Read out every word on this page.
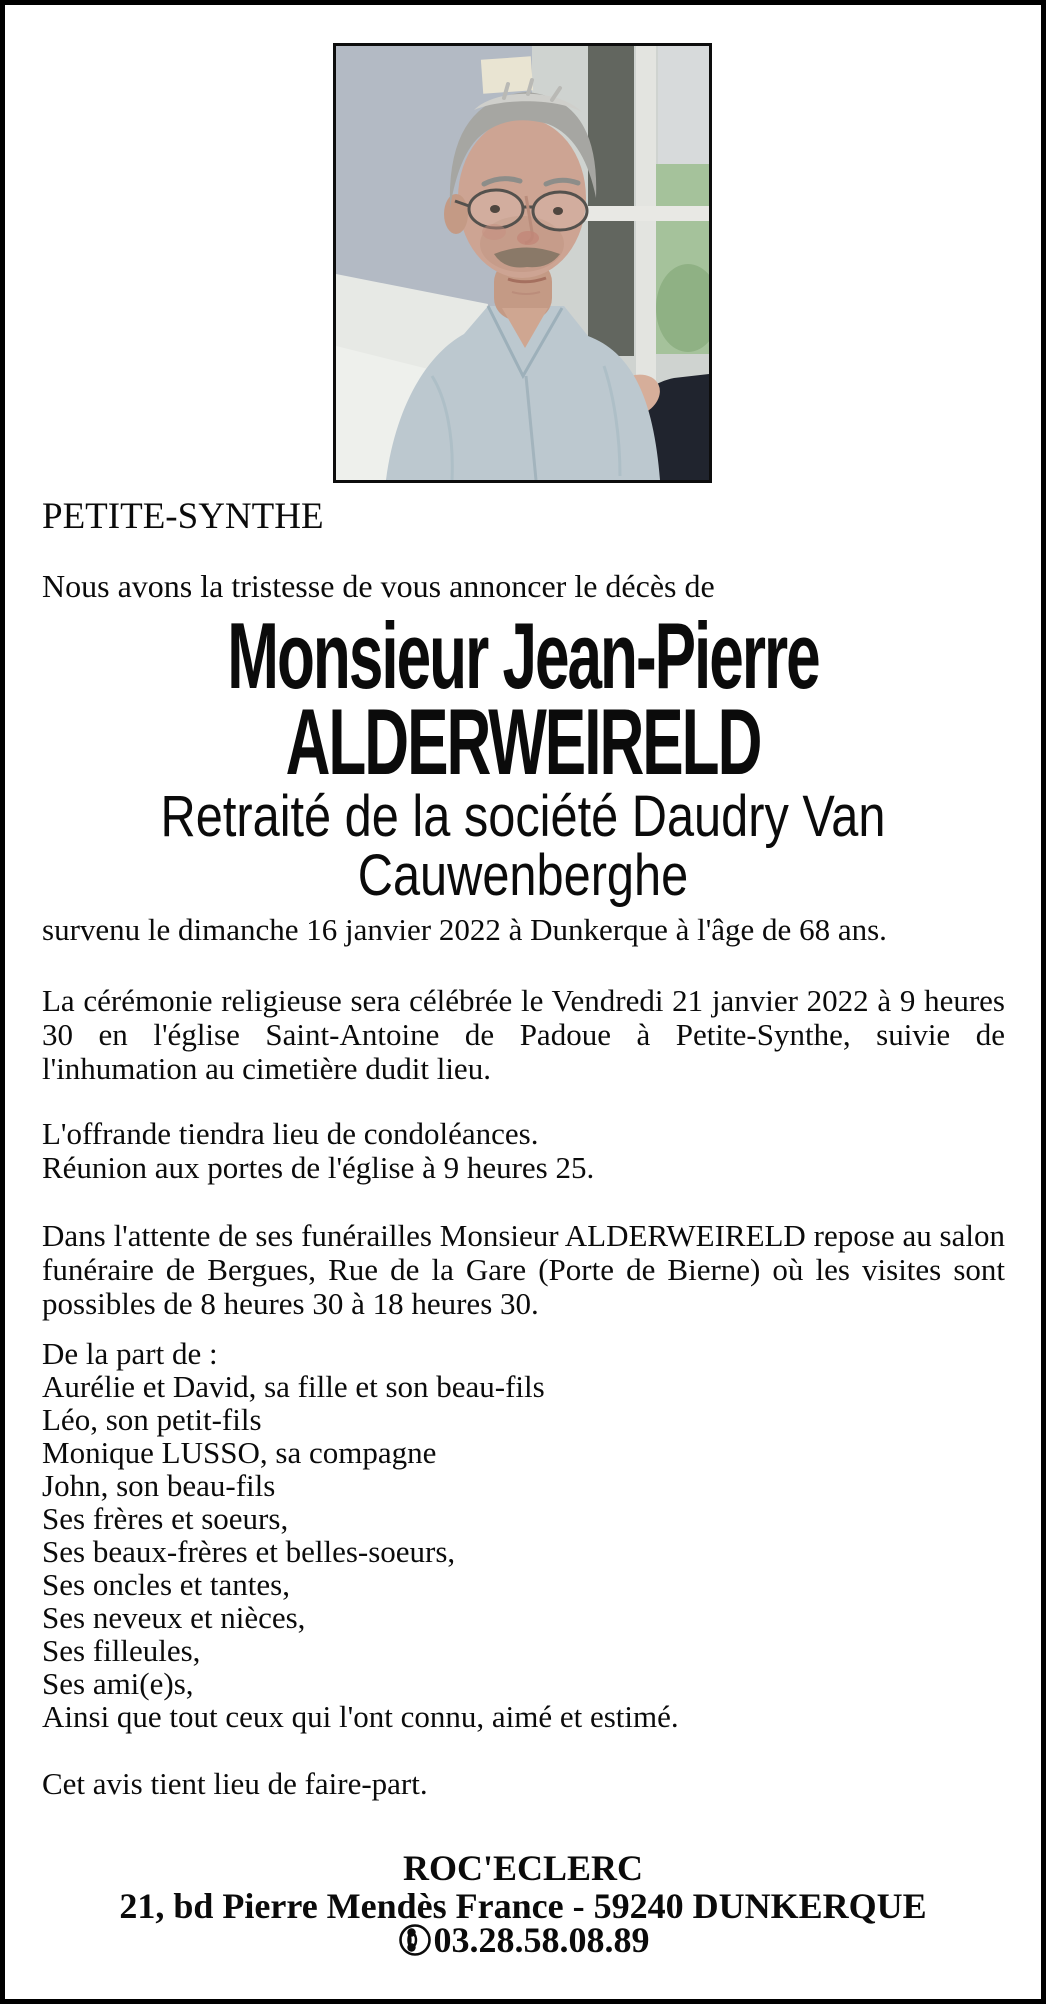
PETITE-SYNTHE
Nous avons la tristesse de vous annoncer le décès de
Monsieur Jean-Pierre
ALDERWEIRELD
Retraité de la société Daudry Van
Cauwenberghe
survenu le dimanche 16 janvier 2022 à Dunkerque à l'âge de 68 ans.
La cérémonie religieuse sera célébrée le Vendredi 21 janvier 2022 à 9 heures 30 en l'église Saint-Antoine de Padoue à Petite-Synthe, suivie de l'inhumation au cimetière dudit lieu.
L'offrande tiendra lieu de condoléances.
Réunion aux portes de l'église à 9 heures 25.
Dans l'attente de ses funérailles Monsieur ALDERWEIRELD repose au salon funéraire de Bergues, Rue de la Gare (Porte de Bierne) où les visites sont possibles de 8 heures 30 à 18 heures 30.
De la part de :
Aurélie et David, sa fille et son beau-fils
Léo, son petit-fils
Monique LUSSO, sa compagne
John, son beau-fils
Ses frères et soeurs,
Ses beaux-frères et belles-soeurs,
Ses oncles et tantes,
Ses neveux et nièces,
Ses filleules,
Ses ami(e)s,
Ainsi que tout ceux qui l'ont connu, aimé et estimé.
Cet avis tient lieu de faire-part.
ROC'ECLERC
21, bd Pierre Mendès France - 59240 DUNKERQUE
03.28.58.08.89
